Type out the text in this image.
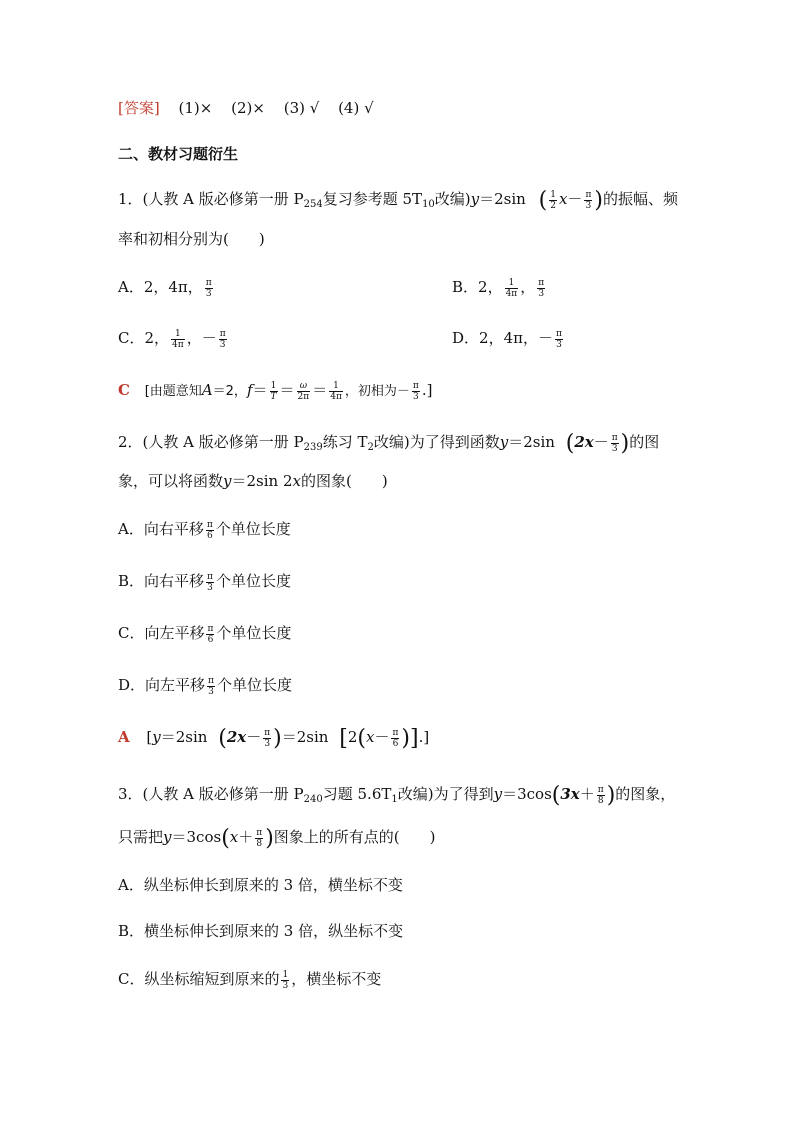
[答案] (1)× (2)× (3) √ (4) √
二、教材习题衍生
1．(人教 A 版必修第一册 $P_{254}$复习参考题 $5T_{10}$改编)y＝2sin ( $\frac{1}{2} x- \frac{\pi}{3}$ )的振幅、频
率和初相分别为(　　)
A．2，4π， $\frac{\pi}{3}$	B．2， $\frac{1}{4\pi}$ ， $\frac{\pi}{3}$
C．2， $\frac{1}{4\pi}$ ，－ $\frac{\pi}{3}$	D．2，4π，－ $\frac{\pi}{3}$
C [由题意知A＝2，$f= \frac{1}{T} = \frac{\omega}{2\pi} = \frac{1}{4\pi}$ ，初相为－ $\frac{\pi}{3}$ .]
2．(人教 A 版必修第一册 $P_{239}$练习 $T_2$改编)为了得到函数y＝2sin ($2x- \frac{\pi}{3}$ )的图
象，可以将函数y＝2sin 2x的图象(　　)
A．向右平移 $\frac{\pi}{6}$ 个单位长度
B．向右平移 $\frac{\pi}{3}$ 个单位长度
C．向左平移 $\frac{\pi}{6}$ 个单位长度
D．向左平移 $\frac{\pi}{3}$ 个单位长度
A [y＝2sin $(2x- \frac{\pi}{3} )=2\sin$ [$2(x- \frac{\pi}{6}$ )].]
3．(人教 A 版必修第一册 $P_{240}$习题 $5.6T_1$改编)为了得到$y=3\cos(3x+ \frac{\pi}{8}$ )的图象，
只需把$y=3\cos(x+ \frac{\pi}{8}$ )图象上的所有点的(　　)
A．纵坐标伸长到原来的 3 倍，横坐标不变
B．横坐标伸长到原来的 3 倍，纵坐标不变
C．纵坐标缩短到原来的 $\frac{1}{3}$ ，横坐标不变
